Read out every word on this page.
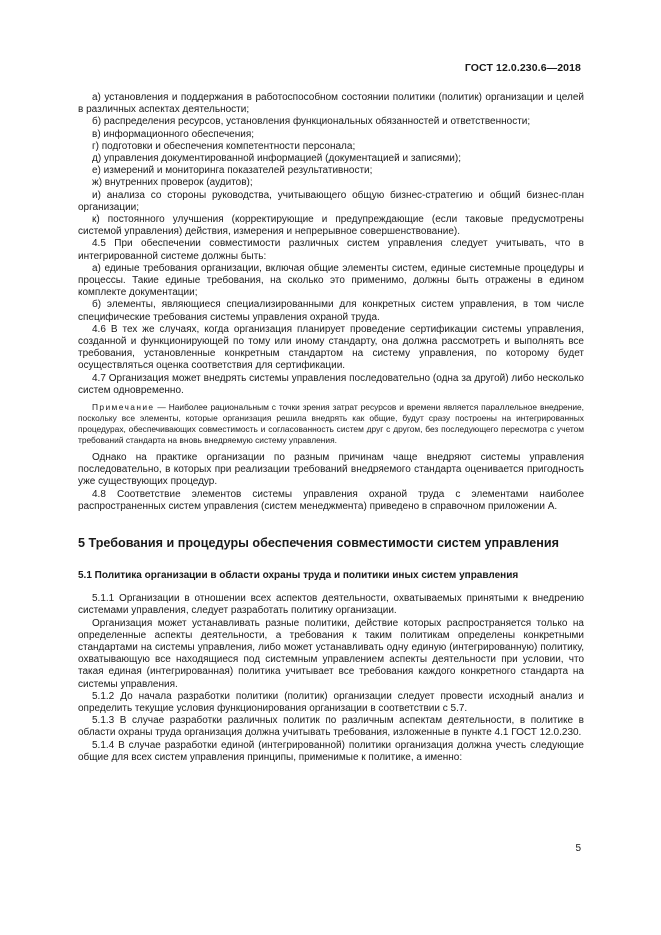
ГОСТ 12.0.230.6—2018

а) установления и поддержания в работоспособном состоянии политики (политик) организации и целей в различных аспектах деятельности;

б) распределения ресурсов, установления функциональных обязанностей и ответственности;

в) информационного обеспечения;

г) подготовки и обеспечения компетентности персонала;

д) управления документированной информацией (документацией и записями);

е) измерений и мониторинга показателей результативности;

ж) внутренних проверок (аудитов);

и) анализа со стороны руководства, учитывающего общую бизнес-стратегию и общий бизнес-план организации;

к) постоянного улучшения (корректирующие и предупреждающие (если таковые предусмотрены системой управления) действия, измерения и непрерывное совершенствование).

4.5 При обеспечении совместимости различных систем управления следует учитывать, что в интегрированной системе должны быть:

а) единые требования организации, включая общие элементы систем, единые системные процедуры и процессы. Такие единые требования, на сколько это применимо, должны быть отражены в едином комплекте документации;

б) элементы, являющиеся специализированными для конкретных систем управления, в том числе специфические требования системы управления охраной труда.

4.6 В тех же случаях, когда организация планирует проведение сертификации системы управления, созданной и функционирующей по тому или иному стандарту, она должна рассмотреть и выполнять все требования, установленные конкретным стандартом на систему управления, по которому будет осуществляться оценка соответствия для сертификации.

4.7 Организация может внедрять системы управления последовательно (одна за другой) либо несколько систем одновременно.

Примечание — Наиболее рациональным с точки зрения затрат ресурсов и времени является параллельное внедрение, поскольку все элементы, которые организация решила внедрять как общие, будут сразу построены на интегрированных процедурах, обеспечивающих совместимость и согласованность систем друг с другом, без последующего пересмотра с учетом требований стандарта на вновь внедряемую систему управления.

Однако на практике организации по разным причинам чаще внедряют системы управления последовательно, в которых при реализации требований внедряемого стандарта оценивается пригодность уже существующих процедур.

4.8 Соответствие элементов системы управления охраной труда с элементами наиболее распространенных систем управления (систем менеджмента) приведено в справочном приложении А.

5 Требования и процедуры обеспечения совместимости систем управления
5.1 Политика организации в области охраны труда и политики иных систем управления

5.1.1 Организации в отношении всех аспектов деятельности, охватываемых принятыми к внедрению системами управления, следует разработать политику организации.

Организация может устанавливать разные политики, действие которых распространяется только на определенные аспекты деятельности, а требования к таким политикам определены конкретными стандартами на системы управления, либо может устанавливать одну единую (интегрированную) политику, охватывающую все находящиеся под системным управлением аспекты деятельности при условии, что такая единая (интегрированная) политика учитывает все требования каждого конкретного стандарта на системы управления.

5.1.2 До начала разработки политики (политик) организации следует провести исходный анализ и определить текущие условия функционирования организации в соответствии с 5.7.

5.1.3 В случае разработки различных политик по различным аспектам деятельности, в политике в области охраны труда организация должна учитывать требования, изложенные в пункте 4.1 ГОСТ 12.0.230.

5.1.4 В случае разработки единой (интегрированной) политики организация должна учесть следующие общие для всех систем управления принципы, применимые к политике, а именно:

5
